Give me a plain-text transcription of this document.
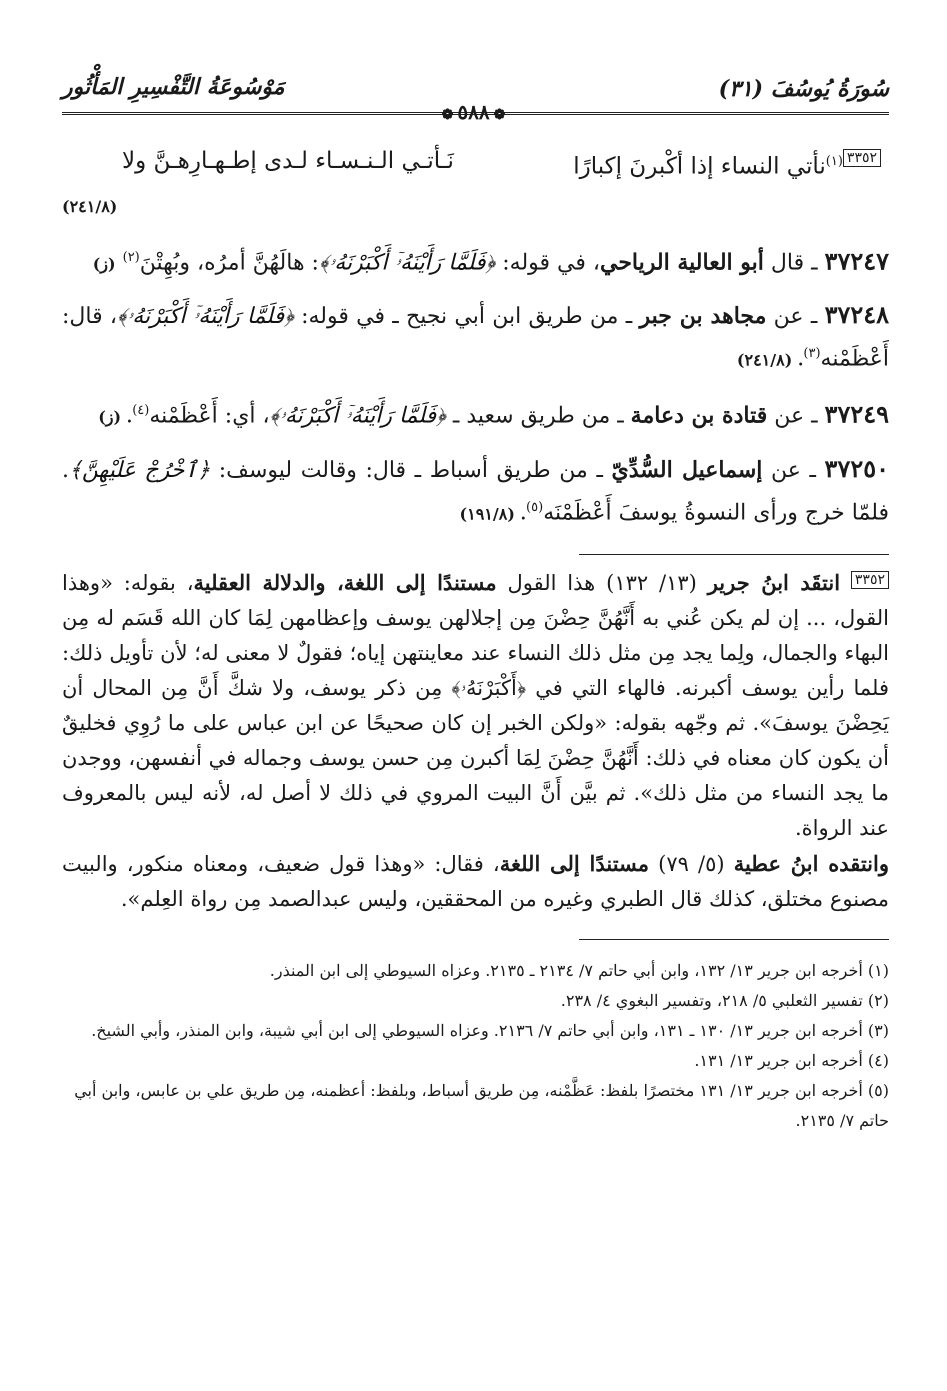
سُورَةُ يُوسُفَ (٣١)
مَوْسُوعَةُ التَّفْسِيرِ المَأْثُور
❁٥٨٨❁
٣٣٥٢$^{(١)}$نأتي النساء إذا أكْبرنَ إكبارًا
نَـأتـي الـنـسـاء لـدى إطـهـارِهـنَّ ولا
(٢٤١/٨)
٣٧٢٤٧ ـ قال أبو العالية الرياحي، في قوله: ﴿فَلَمَّا رَأَيْنَهُۥٓ أَكْبَرْنَهُۥ﴾: هالَهُنَّ أمرُه، وبُهِتْنَ$^{(٢)}$ (ز)
٣٧٢٤٨ ـ عن مجاهد بن جبر ـ من طريق ابن أبي نجيح ـ في قوله: ﴿فَلَمَّا رَأَيْنَهُۥٓ أَكْبَرْنَهُۥ﴾، قال: أَعْظَمْنه$^{(٣)}$. (٢٤١/٨)
٣٧٢٤٩ ـ عن قتادة بن دعامة ـ من طريق سعيد ـ ﴿فَلَمَّا رَأَيْنَهُۥٓ أَكْبَرْنَهُۥ﴾، أي: أَعْظَمْنه$^{(٤)}$. (ز)
٣٧٢٥٠ ـ عن إسماعيل السُّدِّيّ ـ من طريق أسباط ـ قال: وقالت ليوسف: ﴿ٱخْرُجْ عَلَيْهِنَّ﴾. فلمّا خرج ورأى النسوةُ يوسفَ أَعْظَمْنَه$^{(٥)}$. (١٩١/٨)
٣٣٥٢ انتقَد ابنُ جرير (١٣/ ١٣٢) هذا القول مستندًا إلى اللغة، والدلالة العقلية، بقوله: «وهذا القول، ... إن لم يكن عُني به أَنَّهُنَّ حِضْنَ مِن إجلالهن يوسف وإعظامهن لِمَا كان الله قَسَم له مِن البهاء والجمال، ولِما يجد مِن مثل ذلك النساء عند معاينتهن إياه؛ فقولٌ لا معنى له؛ لأن تأويل ذلك: فلما رأين يوسف أكبرنه. فالهاء التي في ﴿أَكْبَرْنَهُۥ﴾ مِن ذكر يوسف، ولا شكَّ أَنَّ مِن المحال أن يَحِضْنَ يوسفَ». ثم وجّهه بقوله: «ولكن الخبر إن كان صحيحًا عن ابن عباس على ما رُوِي فخليقٌ أن يكون كان معناه في ذلك: أَنَّهُنَّ حِضْنَ لِمَا أكبرن مِن حسن يوسف وجماله في أنفسهن، ووجدن ما يجد النساء من مثل ذلك». ثم بيَّن أَنَّ البيت المروي في ذلك لا أصل له، لأنه ليس بالمعروف عند الرواة.
وانتقده ابنُ عطية (٥/ ٧٩) مستندًا إلى اللغة، فقال: «وهذا قول ضعيف، ومعناه منكور، والبيت مصنوع مختلق، كذلك قال الطبري وغيره من المحققين، وليس عبدالصمد مِن رواة العِلم».
(١) أخرجه ابن جرير ١٣/ ١٣٢، وابن أبي حاتم ٧/ ٢١٣٤ ـ ٢١٣٥. وعزاه السيوطي إلى ابن المنذر.
(٢) تفسير الثعلبي ٥/ ٢١٨، وتفسير البغوي ٤/ ٢٣٨.
(٣) أخرجه ابن جرير ١٣/ ١٣٠ ـ ١٣١، وابن أبي حاتم ٧/ ٢١٣٦. وعزاه السيوطي إلى ابن أبي شيبة، وابن المنذر، وأبي الشيخ.
(٤) أخرجه ابن جرير ١٣/ ١٣١.
(٥) أخرجه ابن جرير ١٣/ ١٣١ مختصرًا بلفظ: عَظَّمْنه، مِن طريق أسباط، وبلفظ: أعظمنه، مِن طريق علي بن عابس، وابن أبي حاتم ٧/ ٢١٣٥.
